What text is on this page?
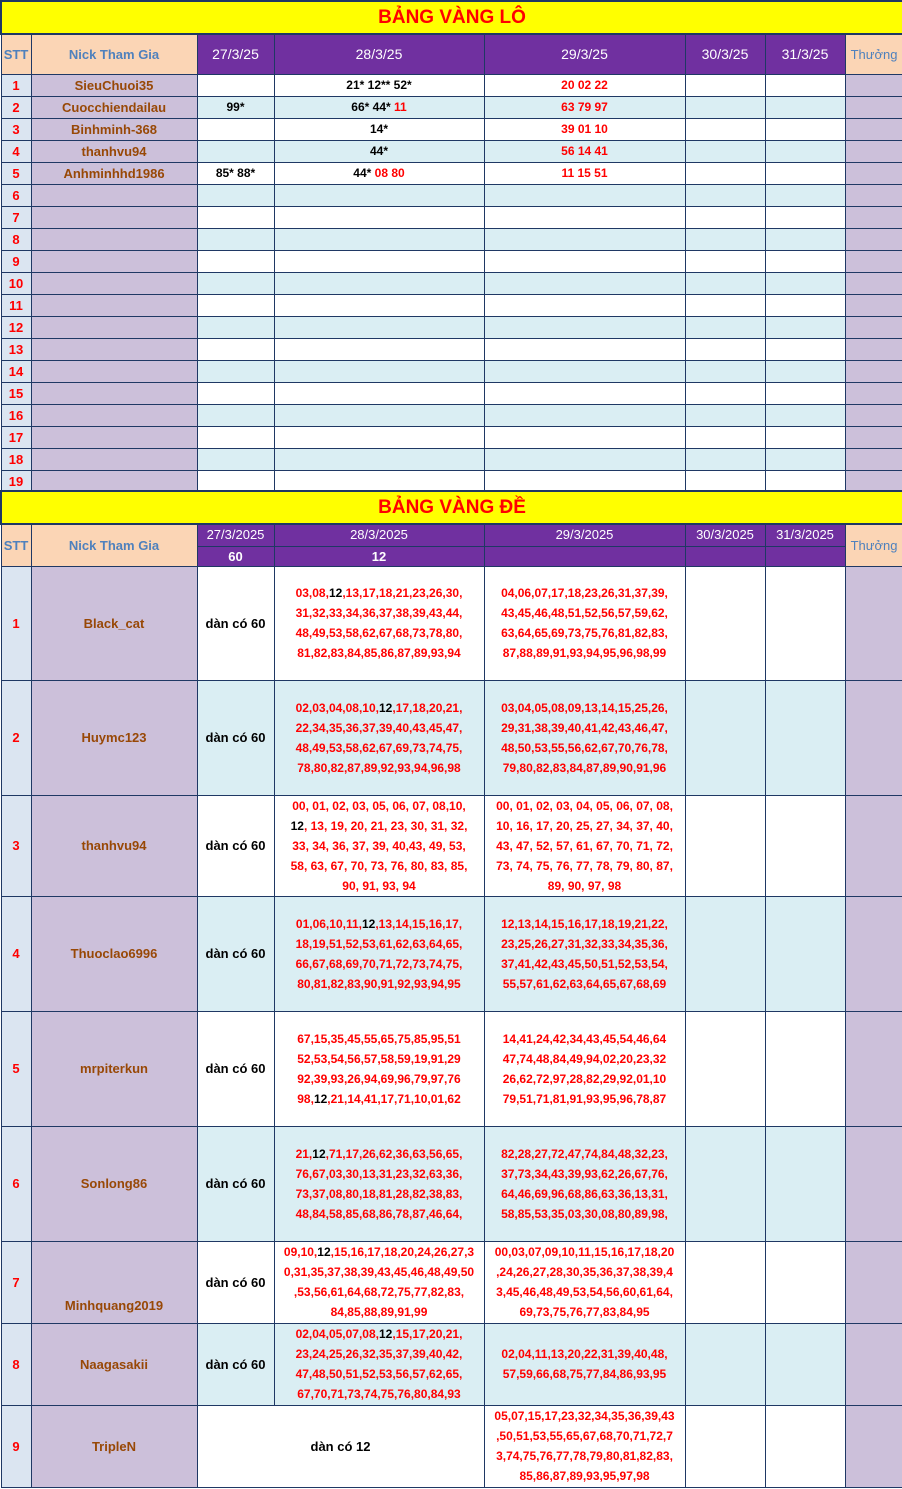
BẢNG VÀNG LÔ							
STT	Nick Tham Gia	27/3/25	28/3/25	29/3/25	30/3/25	31/3/25	Thưởng
1	SieuChuoi35		21* 12** 52*	20 02 22			
2	Cuocchiendailau	99*	66* 44* 11	63 79 97			
3	Binhminh-368		14*	39 01 10			
4	thanhvu94		44*	56 14 41			
5	Anhminhhd1986	85* 88*	44* 08 80	11 15 51			
6							
7							
8							
9							
10							
11							
12							
13							
14							
15							
16							
17							
18							
19							
BẢNG VÀNG ĐỀ							
STT	Nick Tham Gia	27/3/2025	28/3/2025	29/3/2025	30/3/2025	31/3/2025	Thưởng
		60	12				
1	Black_cat	dàn có 60	03,08,12,13,17,18,21,23,26,30,
31,32,33,34,36,37,38,39,43,44,
48,49,53,58,62,67,68,73,78,80,
81,82,83,84,85,86,87,89,93,94	04,06,07,17,18,23,26,31,37,39,
43,45,46,48,51,52,56,57,59,62,
63,64,65,69,73,75,76,81,82,83,
87,88,89,91,93,94,95,96,98,99			
2	Huymc123	dàn có 60	02,03,04,08,10,12,17,18,20,21,
22,34,35,36,37,39,40,43,45,47,
48,49,53,58,62,67,69,73,74,75,
78,80,82,87,89,92,93,94,96,98	03,04,05,08,09,13,14,15,25,26,
29,31,38,39,40,41,42,43,46,47,
48,50,53,55,56,62,67,70,76,78,
79,80,82,83,84,87,89,90,91,96			
3	thanhvu94	dàn có 60	00, 01, 02, 03, 05, 06, 07, 08,10,
12, 13, 19, 20, 21, 23, 30, 31, 32,
33, 34, 36, 37, 39, 40,43, 49, 53,
58, 63, 67, 70, 73, 76, 80, 83, 85,
90, 91, 93, 94	00, 01, 02, 03, 04, 05, 06, 07, 08,
10, 16, 17, 20, 25, 27, 34, 37, 40,
43, 47, 52, 57, 61, 67, 70, 71, 72,
73, 74, 75, 76, 77, 78, 79, 80, 87,
89, 90, 97, 98			
4	Thuoclao6996	dàn có 60	01,06,10,11,12,13,14,15,16,17,
18,19,51,52,53,61,62,63,64,65,
66,67,68,69,70,71,72,73,74,75,
80,81,82,83,90,91,92,93,94,95	12,13,14,15,16,17,18,19,21,22,
23,25,26,27,31,32,33,34,35,36,
37,41,42,43,45,50,51,52,53,54,
55,57,61,62,63,64,65,67,68,69			
5	mrpiterkun	dàn có 60	67,15,35,45,55,65,75,85,95,51
52,53,54,56,57,58,59,19,91,29
92,39,93,26,94,69,96,79,97,76
98,12,21,14,41,17,71,10,01,62	14,41,24,42,34,43,45,54,46,64
47,74,48,84,49,94,02,20,23,32
26,62,72,97,28,82,29,92,01,10
79,51,71,81,91,93,95,96,78,87			
6	Sonlong86	dàn có 60	21,12,71,17,26,62,36,63,56,65,
76,67,03,30,13,31,23,32,63,36,
73,37,08,80,18,81,28,82,38,83,
48,84,58,85,68,86,78,87,46,64,	82,28,27,72,47,74,84,48,32,23,
37,73,34,43,39,93,62,26,67,76,
64,46,69,96,68,86,63,36,13,31,
58,85,53,35,03,30,08,80,89,98,			
7	Minhquang2019	dàn có 60	09,10,12,15,16,17,18,20,24,26,27,3
0,31,35,37,38,39,43,45,46,48,49,50
,53,56,61,64,68,72,75,77,82,83,
84,85,88,89,91,99	00,03,07,09,10,11,15,16,17,18,20
,24,26,27,28,30,35,36,37,38,39,4
3,45,46,48,49,53,54,56,60,61,64,
69,73,75,76,77,83,84,95			
8	Naagasakii	dàn có 60	02,04,05,07,08,12,15,17,20,21,
23,24,25,26,32,35,37,39,40,42,
47,48,50,51,52,53,56,57,62,65,
67,70,71,73,74,75,76,80,84,93	02,04,11,13,20,22,31,39,40,48,
57,59,66,68,75,77,84,86,93,95			
9	TripleN	dàn có 12		05,07,15,17,23,32,34,35,36,39,43
,50,51,53,55,65,67,68,70,71,72,7
3,74,75,76,77,78,79,80,81,82,83,
85,86,87,89,93,95,97,98			
